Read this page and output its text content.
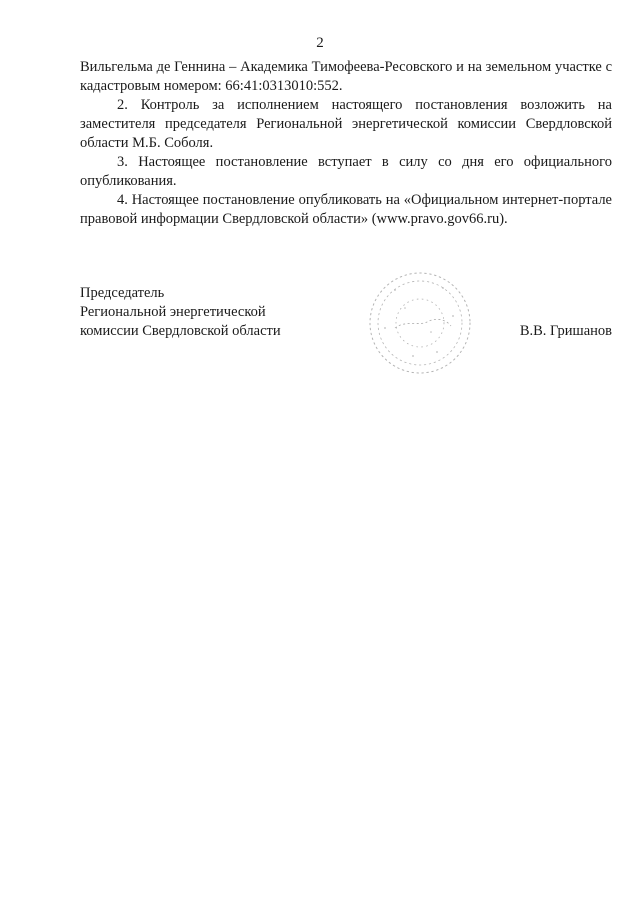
2

Вильгельма де Геннина – Академика Тимофеева-Ресовского и на земельном участке с кадастровым номером: 66:41:0313010:552.

2. Контроль за исполнением настоящего постановления возложить на заместителя председателя Региональной энергетической комиссии Свердловской области М.Б. Соболя.

3. Настоящее постановление вступает в силу со дня его официального опубликования.

4. Настоящее постановление опубликовать на «Официальном интернет-портале правовой информации Свердловской области» (www.pravo.gov66.ru).

Председатель
Региональной энергетической
комиссии Свердловской области	В.В. Гришанов
